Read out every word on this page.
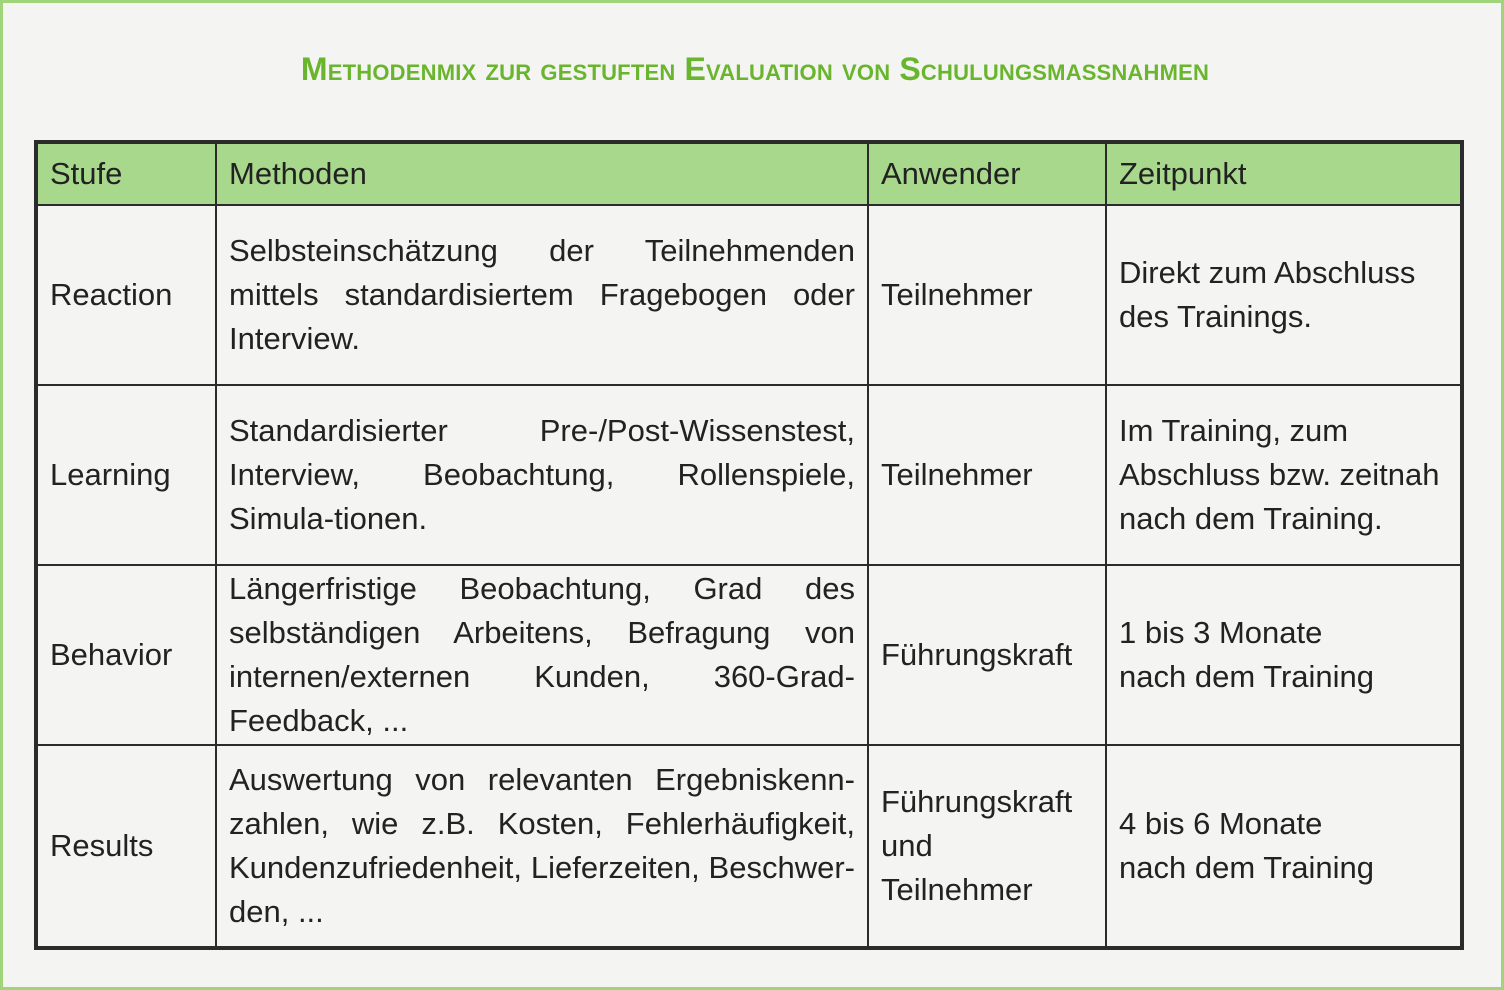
Methodenmix zur gestuften Evaluation von Schulungsmaßnahmen
Stufe	Methoden	Anwender	Zeitpunkt
Reaction	Selbsteinschätzung der Teilnehmenden mittels standardisiertem Fragebogen oder Interview.	Teilnehmer	Direkt zum Abschluss
des Trainings.

Learning	Standardisierter Pre-/Post-Wissenstest, Interview, Beobachtung, Rollenspiele, Simula-tionen.	Teilnehmer	Im Training, zum
Abschluss bzw. zeitnah
nach dem Training.

Behavior	Längerfristige Beobachtung, Grad des selbständigen Arbeitens, Befragung von internen/externen Kunden, 360-Grad-Feedback, ...	Führungskraft	1 bis 3 Monate
nach dem Training

Results	Auswertung von relevanten Ergebniskenn-zahlen, wie z.B. Kosten, Fehlerhäufigkeit, Kundenzufriedenheit, Lieferzeiten, Beschwer-den, ...	Führungskraft
und
Teilnehmer	4 bis 6 Monate
nach dem Training
